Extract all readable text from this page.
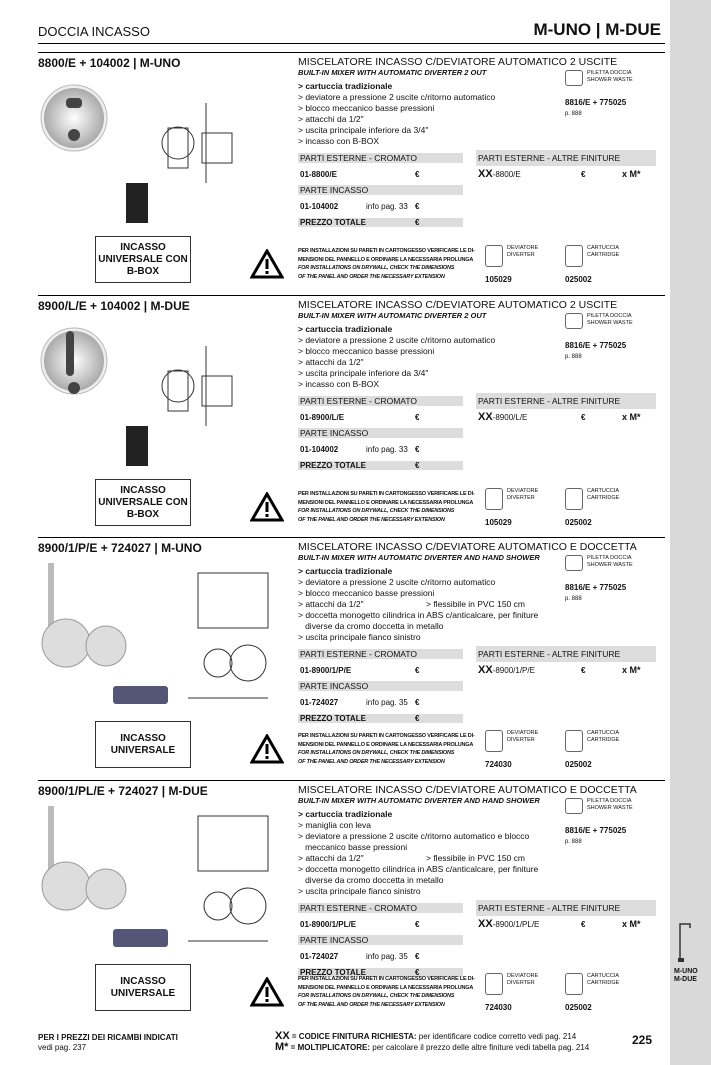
M-UNO
M-DUE
DOCCIA INCASSO	M-UNO | M-DUE
8800/E + 104002 | M-UNO
INCASSO UNIVERSALE CON B-BOX
MISCELATORE INCASSO C/DEVIATORE AUTOMATICO 2 USCITE
BUILT-IN MIXER WITH AUTOMATIC DIVERTER 2 OUT
> cartuccia tradizionale
> deviatore a pressione 2 uscite c/ritorno automatico
> blocco meccanico basse pressioni
> attacchi da 1/2"
> uscita principale inferiore da 3/4"
> incasso con B-BOX
PARTI ESTERNE - CROMATO	PARTI ESTERNE - ALTRE FINITURE
01-8800/E	€	XX-8800/E	€	x M*
PARTE INCASSO
01-104002	info pag. 33 €
PREZZO TOTALE	€
PILETTA DOCCIA
SHOWER WASTE
8816/E + 775025
p. 888
PER INSTALLAZIONI SU PARETI IN CARTONGESSO VERIFICARE LE DI-
MENSIONI DEL PANNELLO E ORDINARE LA NECESSARIA PROLUNGA
FOR INSTALLATIONS ON DRYWALL, CHECK THE DIMENSIONS
OF THE PANEL AND ORDER THE NECESSARY EXTENSION
DEVIATORE
DIVERTER
105029
CARTUCCIA
CARTRIDGE
025002
8900/L/E + 104002 | M-DUE
INCASSO UNIVERSALE CON B-BOX
MISCELATORE INCASSO C/DEVIATORE AUTOMATICO 2 USCITE
BUILT-IN MIXER WITH AUTOMATIC DIVERTER 2 OUT
> cartuccia tradizionale
> deviatore a pressione 2 uscite c/ritorno automatico
> blocco meccanico basse pressioni
> attacchi da 1/2"
> uscita principale inferiore da 3/4"
> incasso con B-BOX
PARTI ESTERNE - CROMATO	PARTI ESTERNE - ALTRE FINITURE
01-8900/L/E	€	XX-8900/L/E	€	x M*
PARTE INCASSO
01-104002	info pag. 33 €
PREZZO TOTALE	€
PILETTA DOCCIA
SHOWER WASTE
8816/E + 775025
p. 888
PER INSTALLAZIONI SU PARETI IN CARTONGESSO VERIFICARE LE DI-
MENSIONI DEL PANNELLO E ORDINARE LA NECESSARIA PROLUNGA
FOR INSTALLATIONS ON DRYWALL, CHECK THE DIMENSIONS
OF THE PANEL AND ORDER THE NECESSARY EXTENSION
DEVIATORE
DIVERTER
105029
CARTUCCIA
CARTRIDGE
025002
8900/1/P/E + 724027 | M-UNO
INCASSO UNIVERSALE
MISCELATORE INCASSO C/DEVIATORE AUTOMATICO E DOCCETTA
BUILT-IN MIXER WITH AUTOMATIC DIVERTER AND HAND SHOWER
> cartuccia tradizionale
> deviatore a pressione 2 uscite c/ritorno automatico
> blocco meccanico basse pressioni
> attacchi da 1/2"	> flessibile in PVC 150 cm
> doccetta monogetto cilindrica in ABS c/anticalcare, per finiture
diverse da cromo doccetta in metallo
> uscita principale fianco sinistro
PARTI ESTERNE - CROMATO	PARTI ESTERNE - ALTRE FINITURE
01-8900/1/P/E	€	XX-8900/1/P/E	€	x M*
PARTE INCASSO
01-724027	info pag. 35 €
PREZZO TOTALE	€
PILETTA DOCCIA
SHOWER WASTE
8816/E + 775025
p. 888
PER INSTALLAZIONI SU PARETI IN CARTONGESSO VERIFICARE LE DI-
MENSIONI DEL PANNELLO E ORDINARE LA NECESSARIA PROLUNGA
FOR INSTALLATIONS ON DRYWALL, CHECK THE DIMENSIONS
OF THE PANEL AND ORDER THE NECESSARY EXTENSION
DEVIATORE
DIVERTER
724030
CARTUCCIA
CARTRIDGE
025002
8900/1/PL/E + 724027 | M-DUE
INCASSO UNIVERSALE
MISCELATORE INCASSO C/DEVIATORE AUTOMATICO E DOCCETTA
BUILT-IN MIXER WITH AUTOMATIC DIVERTER AND HAND SHOWER
> cartuccia tradizionale
> maniglia con leva
> deviatore a pressione 2 uscite c/ritorno automatico e blocco
meccanico basse pressioni
> attacchi da 1/2"	> flessibile in PVC 150 cm
> doccetta monogetto cilindrica in ABS c/anticalcare, per finiture
diverse da cromo doccetta in metallo
> uscita principale fianco sinistro
PARTI ESTERNE - CROMATO	PARTI ESTERNE - ALTRE FINITURE
01-8900/1/PL/E	€	XX-8900/1/PL/E	€	x M*
PARTE INCASSO
01-724027	info pag. 35 €
PREZZO TOTALE	€
PILETTA DOCCIA
SHOWER WASTE
8816/E + 775025
p. 888
PER INSTALLAZIONI SU PARETI IN CARTONGESSO VERIFICARE LE DI-
MENSIONI DEL PANNELLO E ORDINARE LA NECESSARIA PROLUNGA
FOR INSTALLATIONS ON DRYWALL, CHECK THE DIMENSIONS
OF THE PANEL AND ORDER THE NECESSARY EXTENSION
DEVIATORE
DIVERTER
724030
CARTUCCIA
CARTRIDGE
025002
PER I PREZZI DEI RICAMBI INDICATI
vedi pag. 237
XX = CODICE FINITURA RICHIESTA: per identificare codice corretto vedi pag. 214
M* = MOLTIPLICATORE: per calcolare il prezzo delle altre finiture vedi tabella pag. 214
225
